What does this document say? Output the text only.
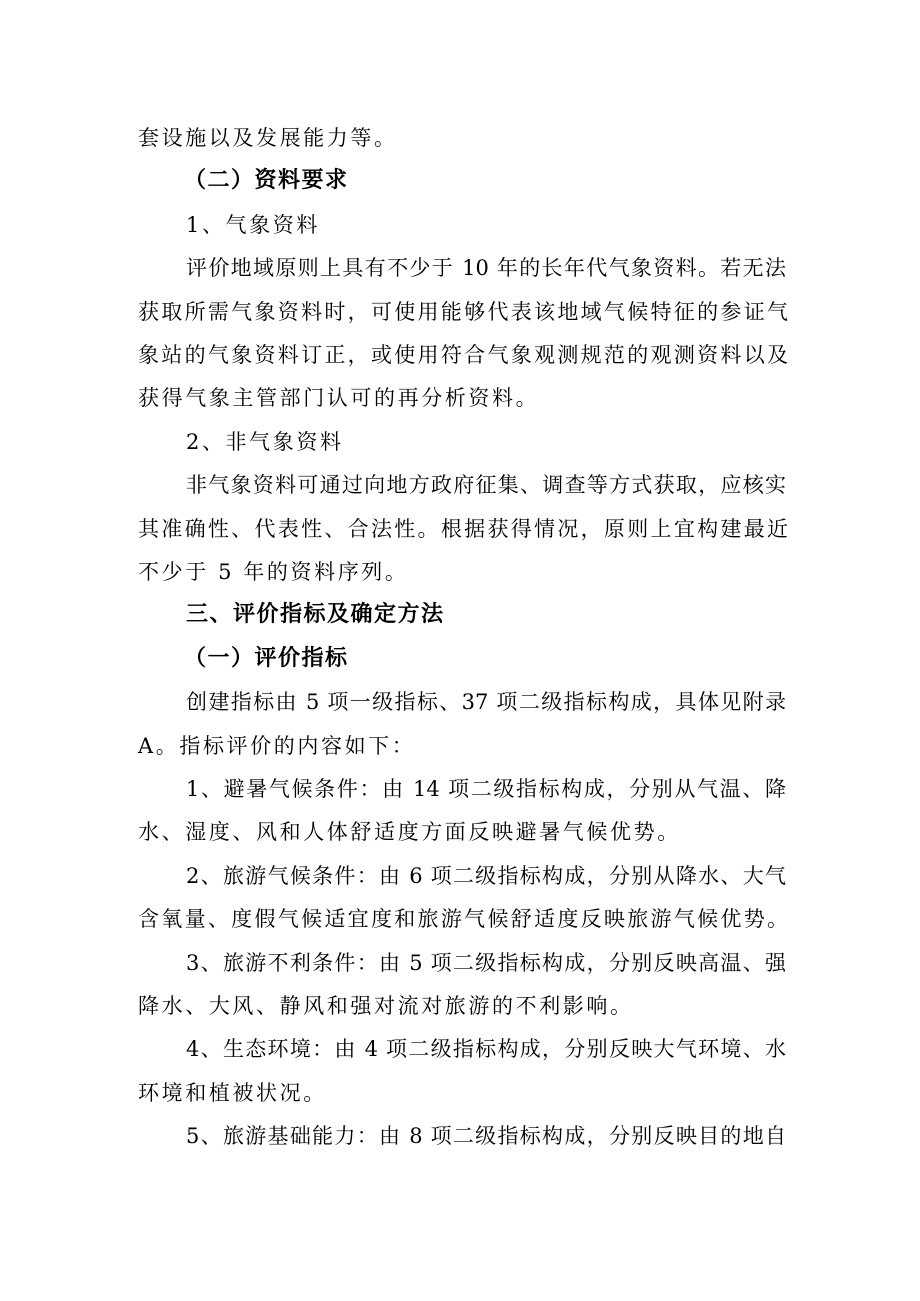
套设施以及发展能力等。
（二）资料要求
1、气象资料
评价地域原则上具有不少于 10 年的长年代气象资料。若无法
获取所需气象资料时，可使用能够代表该地域气候特征的参证气
象站的气象资料订正，或使用符合气象观测规范的观测资料以及
获得气象主管部门认可的再分析资料。
2、非气象资料
非气象资料可通过向地方政府征集、调查等方式获取，应核实
其准确性、代表性、合法性。根据获得情况，原则上宜构建最近
不少于 5 年的资料序列。
三、评价指标及确定方法
（一）评价指标
创建指标由 5 项一级指标、37 项二级指标构成，具体见附录
A。指标评价的内容如下：
1、避暑气候条件：由 14 项二级指标构成，分别从气温、降
水、湿度、风和人体舒适度方面反映避暑气候优势。
2、旅游气候条件：由 6 项二级指标构成，分别从降水、大气
含氧量、度假气候适宜度和旅游气候舒适度反映旅游气候优势。
3、旅游不利条件：由 5 项二级指标构成，分别反映高温、强
降水、大风、静风和强对流对旅游的不利影响。
4、生态环境：由 4 项二级指标构成，分别反映大气环境、水
环境和植被状况。
5、旅游基础能力：由 8 项二级指标构成，分别反映目的地自
